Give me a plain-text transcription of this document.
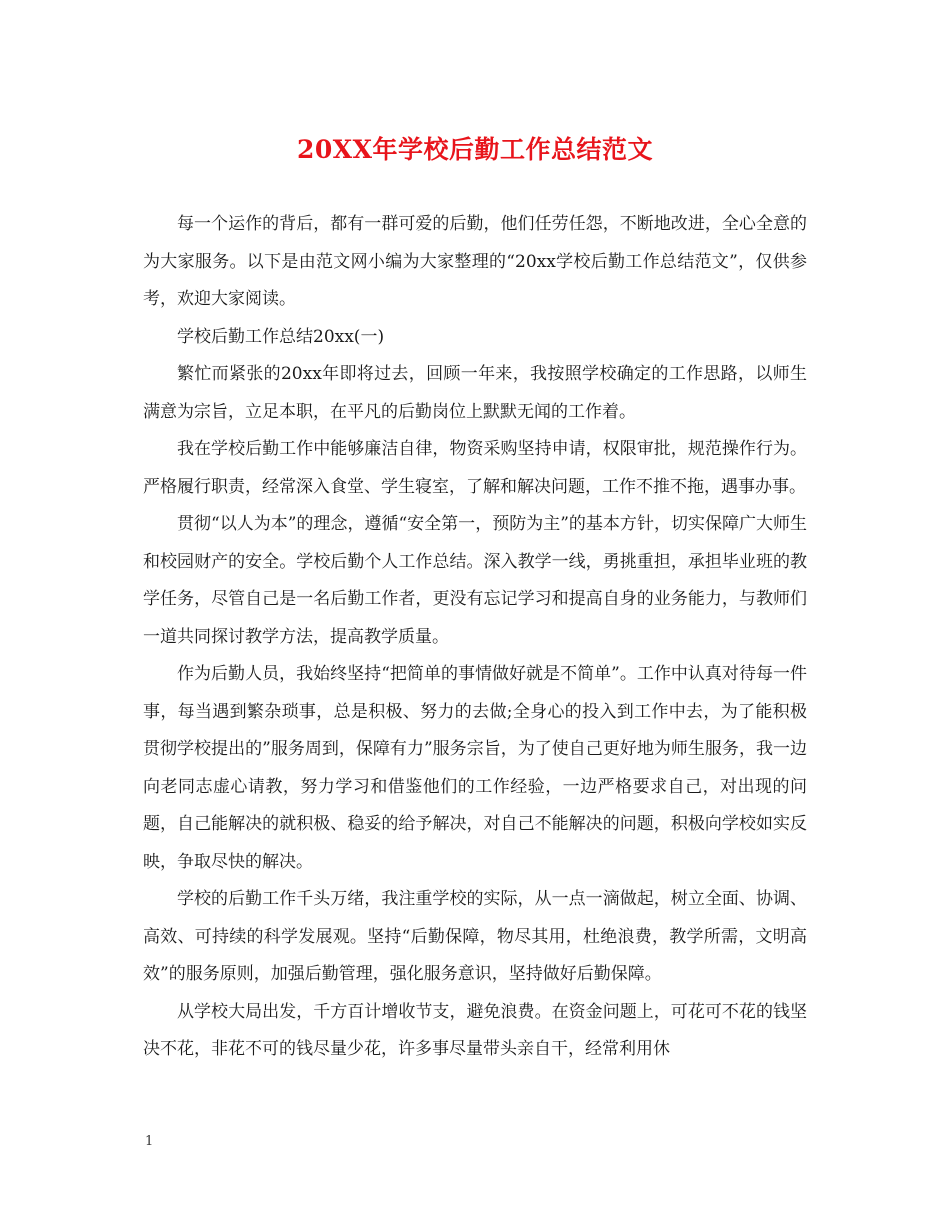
20XX年学校后勤工作总结范文

每一个运作的背后，都有一群可爱的后勤，他们任劳任怨，不断地改进，全心全意的为大家服务。以下是由范文网小编为大家整理的“20xx学校后勤工作总结范文”，仅供参考，欢迎大家阅读。

学校后勤工作总结20xx(一)

繁忙而紧张的20xx年即将过去，回顾一年来，我按照学校确定的工作思路，以师生满意为宗旨，立足本职，在平凡的后勤岗位上默默无闻的工作着。

我在学校后勤工作中能够廉洁自律，物资采购坚持申请，权限审批，规范操作行为。严格履行职责，经常深入食堂、学生寝室，了解和解决问题，工作不推不拖，遇事办事。

贯彻“以人为本”的理念，遵循“安全第一，预防为主”的基本方针，切实保障广大师生和校园财产的安全。学校后勤个人工作总结。深入教学一线，勇挑重担，承担毕业班的教学任务，尽管自己是一名后勤工作者，更没有忘记学习和提高自身的业务能力，与教师们一道共同探讨教学方法，提高教学质量。

作为后勤人员，我始终坚持“把简单的事情做好就是不简单”。工作中认真对待每一件事，每当遇到繁杂琐事，总是积极、努力的去做;全身心的投入到工作中去，为了能积极贯彻学校提出的”服务周到，保障有力”服务宗旨，为了使自己更好地为师生服务，我一边向老同志虚心请教，努力学习和借鉴他们的工作经验，一边严格要求自己，对出现的问题，自己能解决的就积极、稳妥的给予解决，对自己不能解决的问题，积极向学校如实反映，争取尽快的解决。

学校的后勤工作千头万绪，我注重学校的实际，从一点一滴做起，树立全面、协调、高效、可持续的科学发展观。坚持“后勤保障，物尽其用，杜绝浪费，教学所需，文明高效”的服务原则，加强后勤管理，强化服务意识，坚持做好后勤保障。

从学校大局出发，千方百计增收节支，避免浪费。在资金问题上，可花可不花的钱坚决不花，非花不可的钱尽量少花，许多事尽量带头亲自干，经常利用休

1
